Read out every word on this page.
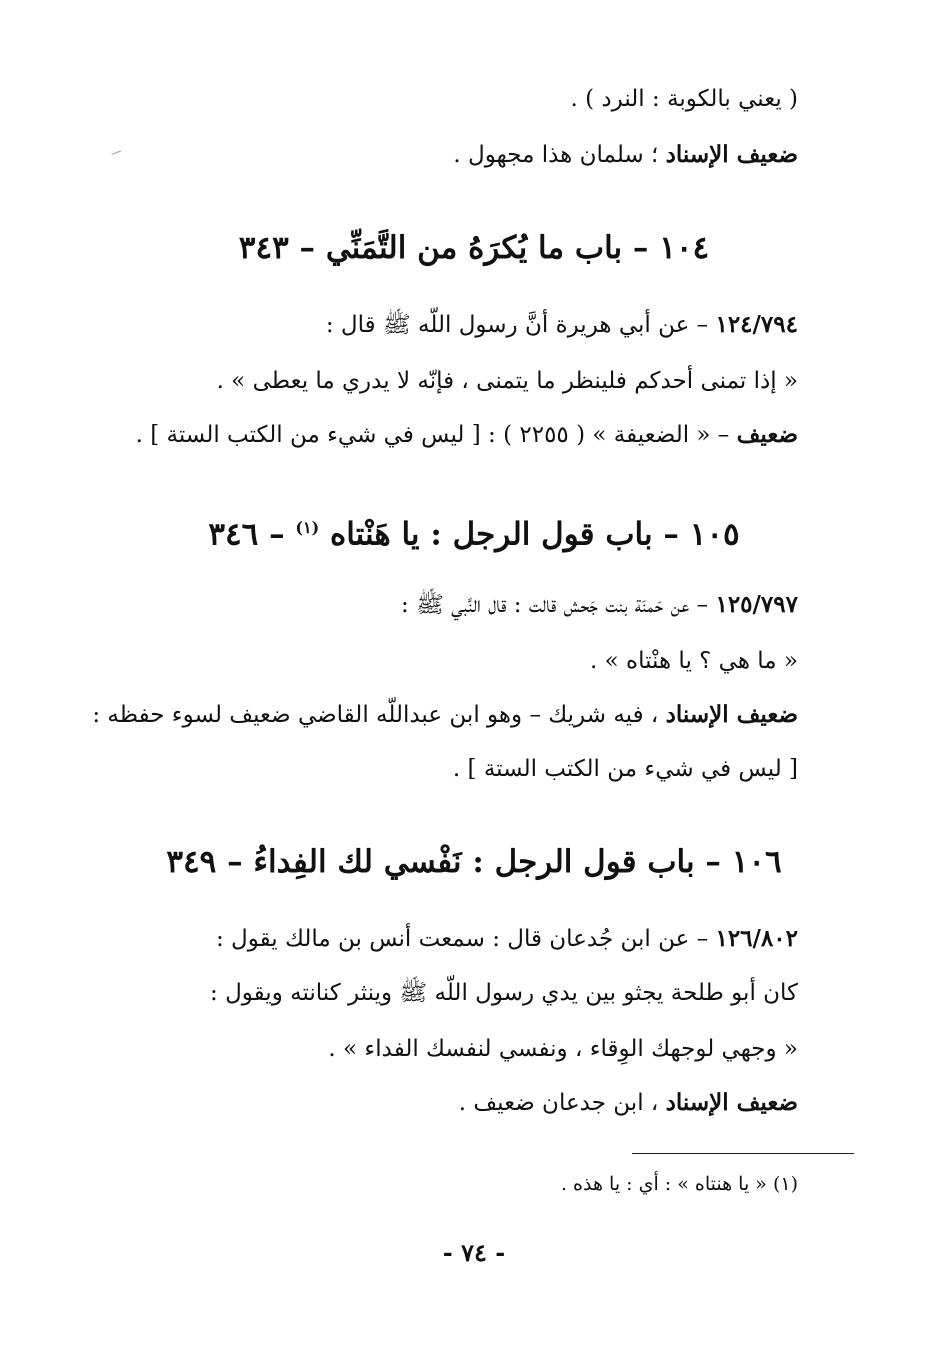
( يعني بالكوبة : النرد ) .
ضعيف الإسناد ؛ سلمان هذا مجهول .
١٠٤ – باب ما يُكرَهُ من التَّمَنِّي – ٣٤٣
١٢٤/٧٩٤ – عن أبي هريرة أنَّ رسول اللّه ﷺ قال :
« إذا تمنى أحدكم فلينظر ما يتمنى ، فإنّه لا يدري ما يعطى » .
ضعيف – « الضعيفة » ( ٢٢٥٥ ) : [ ليس في شيء من الكتب الستة ] .
١٠٥ – باب قول الرجل : يا هَنْتاه $^{(١)}$ – ٣٤٦
١٢٥/٧٩٧ – عن حَمنَة بنت جَحش قالت : قال النَّبي ﷺ :
« ما هي ؟ يا هنْتاه » .
ضعيف الإسناد ، فيه شريك – وهو ابن عبداللّه القاضي ضعيف لسوء حفظه :
[ ليس في شيء من الكتب الستة ] .
١٠٦ – باب قول الرجل : نَفْسي لك الفِداءُ – ٣٤٩
١٢٦/٨٠٢ – عن ابن جُدعان قال : سمعت أنس بن مالك يقول :
كان أبو طلحة يجثو بين يدي رسول اللّه ﷺ وينثر كنانته ويقول :
« وجهي لوجهك الوِقاء ، ونفسي لنفسك الفداء » .
ضعيف الإسناد ، ابن جدعان ضعيف .
(١) « يا هنتاه » : أي : يا هذه .
- ٧٤ -
